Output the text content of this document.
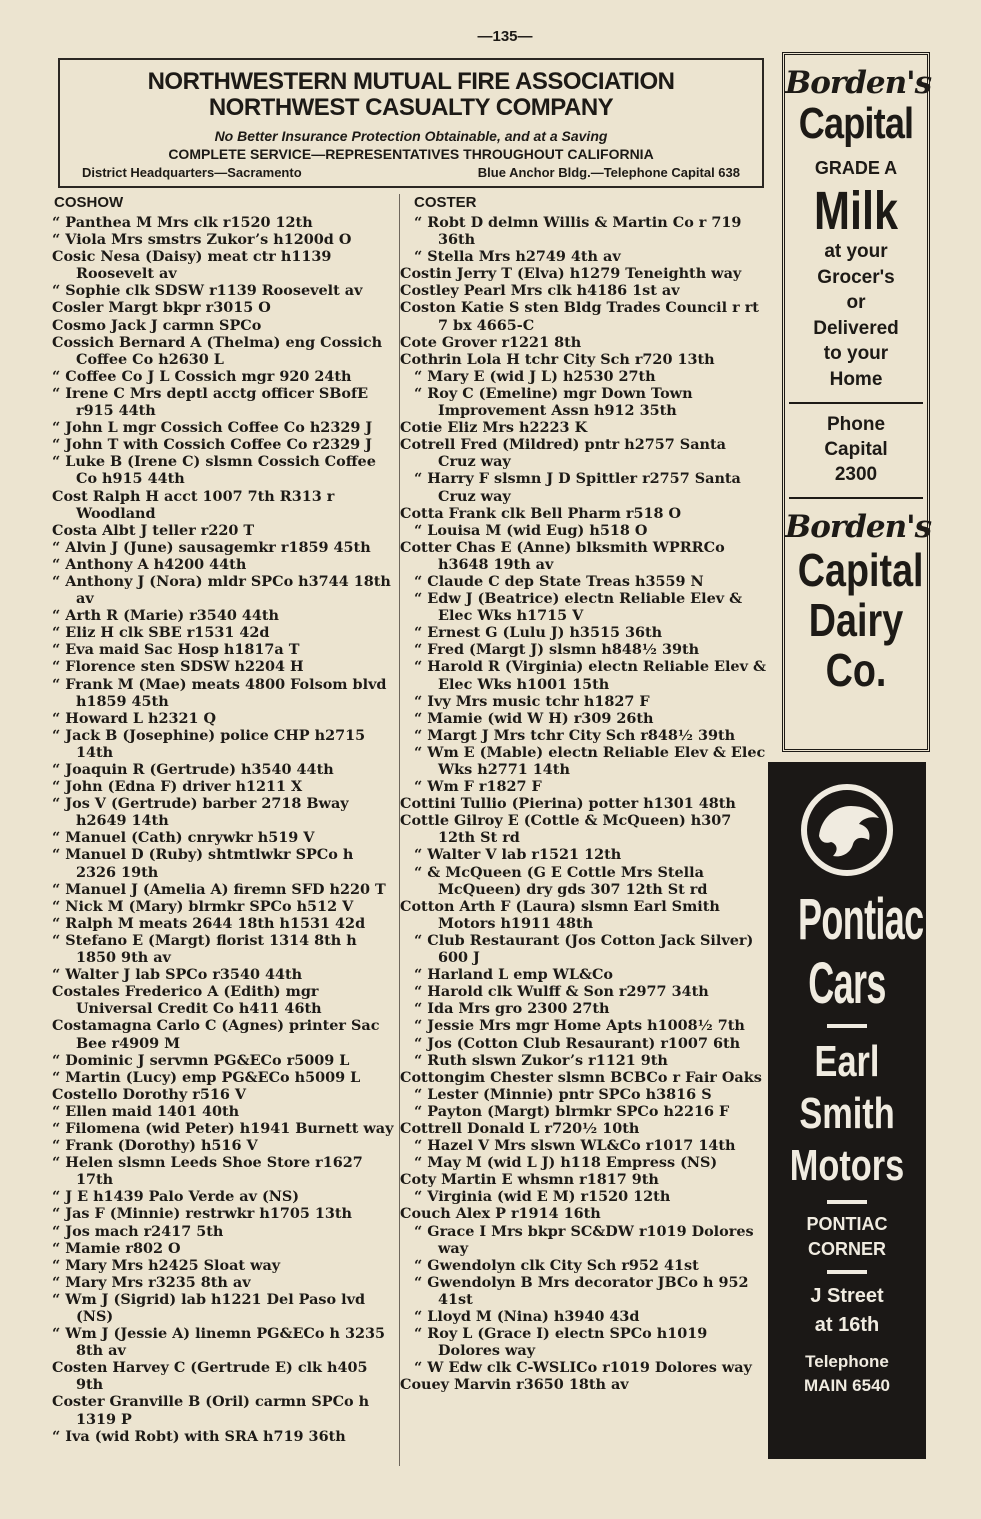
—135—
NORTHWESTERN MUTUAL FIRE ASSOCIATION
NORTHWEST CASUALTY COMPANY
No Better Insurance Protection Obtainable, and at a Saving
COMPLETE SERVICE—REPRESENTATIVES THROUGHOUT CALIFORNIA
District Headquarters—Sacramento	Blue Anchor Bldg.—Telephone Capital 638
COSHOW
“ Panthea M Mrs clk r1520 12th
“ Viola Mrs smstrs Zukor’s h1200d O
Cosic Nesa (Daisy) meat ctr h1139 Roosevelt av
“ Sophie clk SDSW r1139 Roosevelt av
Cosler Margt bkpr r3015 O
Cosmo Jack J carmn SPCo
Cossich Bernard A (Thelma) eng Cossich Coffee Co h2630 L
“ Coffee Co J L Cossich mgr 920 24th
“ Irene C Mrs deptl acctg officer SBofE r915 44th
“ John L mgr Cossich Coffee Co h2329 J
“ John T with Cossich Coffee Co r2329 J
“ Luke B (Irene C) slsmn Cossich Coffee Co h915 44th
Cost Ralph H acct 1007 7th R313 r Woodland
Costa Albt J teller r220 T
“ Alvin J (June) sausagemkr r1859 45th
“ Anthony A h4200 44th
“ Anthony J (Nora) mldr SPCo h3744 18th av
“ Arth R (Marie) r3540 44th
“ Eliz H clk SBE r1531 42d
“ Eva maid Sac Hosp h1817a T
“ Florence sten SDSW h2204 H
“ Frank M (Mae) meats 4800 Folsom blvd h1859 45th
“ Howard L h2321 Q
“ Jack B (Josephine) police CHP h2715 14th
“ Joaquin R (Gertrude) h3540 44th
“ John (Edna F) driver h1211 X
“ Jos V (Gertrude) barber 2718 Bway h2649 14th
“ Manuel (Cath) cnrywkr h519 V
“ Manuel D (Ruby) shtmtlwkr SPCo h 2326 19th
“ Manuel J (Amelia A) firemn SFD h220 T
“ Nick M (Mary) blrmkr SPCo h512 V
“ Ralph M meats 2644 18th h1531 42d
“ Stefano E (Margt) florist 1314 8th h 1850 9th av
“ Walter J lab SPCo r3540 44th
Costales Frederico A (Edith) mgr Universal Credit Co h411 46th
Costamagna Carlo C (Agnes) printer Sac Bee r4909 M
“ Dominic J servmn PG&ECo r5009 L
“ Martin (Lucy) emp PG&ECo h5009 L
Costello Dorothy r516 V
“ Ellen maid 1401 40th
“ Filomena (wid Peter) h1941 Burnett way
“ Frank (Dorothy) h516 V
“ Helen slsmn Leeds Shoe Store r1627 17th
“ J E h1439 Palo Verde av (NS)
“ Jas F (Minnie) restrwkr h1705 13th
“ Jos mach r2417 5th
“ Mamie r802 O
“ Mary Mrs h2425 Sloat way
“ Mary Mrs r3235 8th av
“ Wm J (Sigrid) lab h1221 Del Paso lvd (NS)
“ Wm J (Jessie A) linemn PG&ECo h 3235 8th av
Costen Harvey C (Gertrude E) clk h405 9th
Coster Granville B (Oril) carmn SPCo h 1319 P
“ Iva (wid Robt) with SRA h719 36th
COSTER
“ Robt D delmn Willis & Martin Co r 719 36th
“ Stella Mrs h2749 4th av
Costin Jerry T (Elva) h1279 Teneighth way
Costley Pearl Mrs clk h4186 1st av
Coston Katie S sten Bldg Trades Council r rt 7 bx 4665-C
Cote Grover r1221 8th
Cothrin Lola H tchr City Sch r720 13th
“ Mary E (wid J L) h2530 27th
“ Roy C (Emeline) mgr Down Town Improvement Assn h912 35th
Cotie Eliz Mrs h2223 K
Cotrell Fred (Mildred) pntr h2757 Santa Cruz way
“ Harry F slsmn J D Spittler r2757 Santa Cruz way
Cotta Frank clk Bell Pharm r518 O
“ Louisa M (wid Eug) h518 O
Cotter Chas E (Anne) blksmith WPRRCo h3648 19th av
“ Claude C dep State Treas h3559 N
“ Edw J (Beatrice) electn Reliable Elev & Elec Wks h1715 V
“ Ernest G (Lulu J) h3515 36th
“ Fred (Margt J) slsmn h848½ 39th
“ Harold R (Virginia) electn Reliable Elev & Elec Wks h1001 15th
“ Ivy Mrs music tchr h1827 F
“ Mamie (wid W H) r309 26th
“ Margt J Mrs tchr City Sch r848½ 39th
“ Wm E (Mable) electn Reliable Elev & Elec Wks h2771 14th
“ Wm F r1827 F
Cottini Tullio (Pierina) potter h1301 48th
Cottle Gilroy E (Cottle & McQueen) h307 12th St rd
“ Walter V lab r1521 12th
“ & McQueen (G E Cottle Mrs Stella McQueen) dry gds 307 12th St rd
Cotton Arth F (Laura) slsmn Earl Smith Motors h1911 48th
“ Club Restaurant (Jos Cotton Jack Silver) 600 J
“ Harland L emp WL&Co
“ Harold clk Wulff & Son r2977 34th
“ Ida Mrs gro 2300 27th
“ Jessie Mrs mgr Home Apts h1008½ 7th
“ Jos (Cotton Club Resaurant) r1007 6th
“ Ruth slswn Zukor’s r1121 9th
Cottongim Chester slsmn BCBCo r Fair Oaks
“ Lester (Minnie) pntr SPCo h3816 S
“ Payton (Margt) blrmkr SPCo h2216 F
Cottrell Donald L r720½ 10th
“ Hazel V Mrs slswn WL&Co r1017 14th
“ May M (wid L J) h118 Empress (NS)
Coty Martin E whsmn r1817 9th
“ Virginia (wid E M) r1520 12th
Couch Alex P r1914 16th
“ Grace I Mrs bkpr SC&DW r1019 Dolores way
“ Gwendolyn clk City Sch r952 41st
“ Gwendolyn B Mrs decorator JBCo h 952 41st
“ Lloyd M (Nina) h3940 43d
“ Roy L (Grace I) electn SPCo h1019 Dolores way
“ W Edw clk C-WSLICo r1019 Dolores way
Couey Marvin r3650 18th av
Borden's
Capital
GRADE A
Milk
at your
Grocer's
or
Delivered
to your
Home
Phone
Capital
2300
Borden's
Capital
Dairy
Co.
Pontiac
Cars
Earl
Smith
Motors
PONTIAC
CORNER
J Street
at 16th
Telephone
MAIN 6540
